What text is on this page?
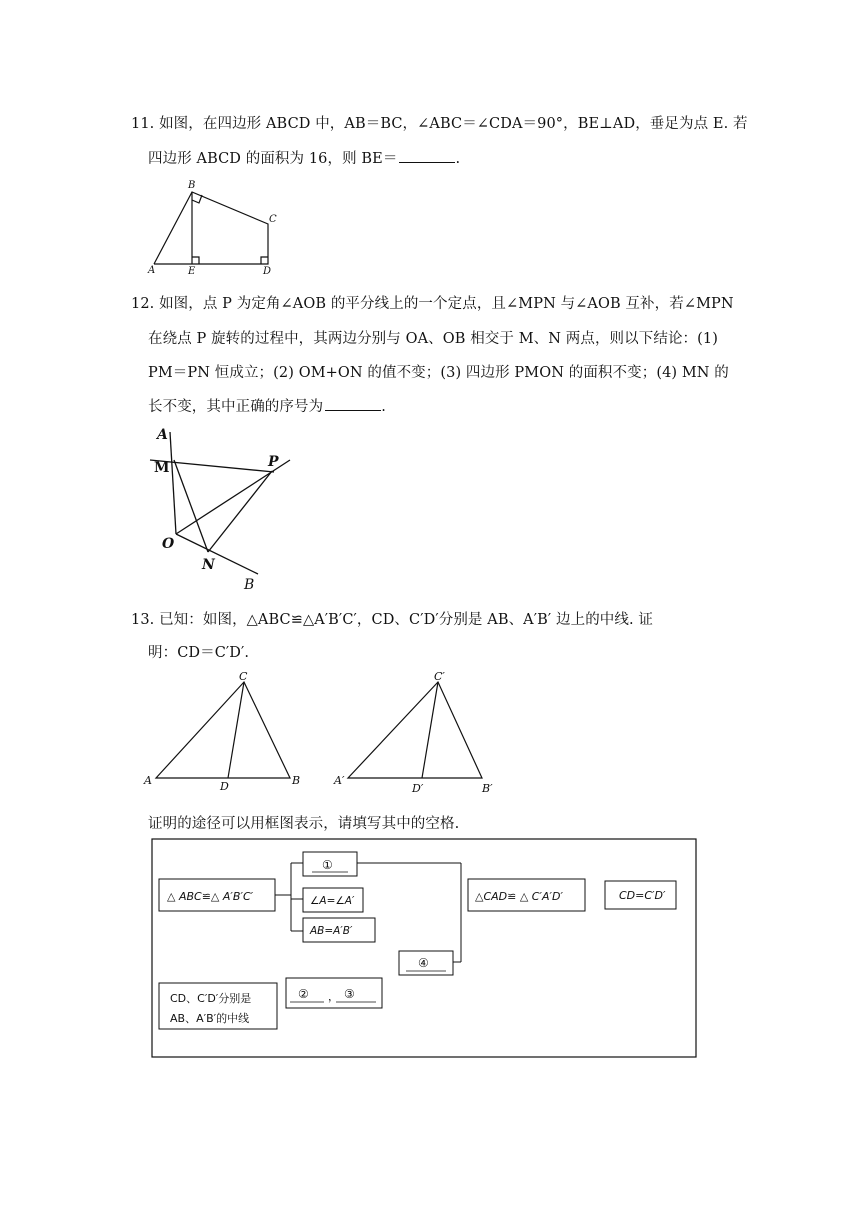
11. 如图，在四边形 ABCD 中，AB＝BC，∠ABC＝∠CDA＝90°，BE⊥AD，垂足为点 E. 若
四边形 ABCD 的面积为 16，则 BE＝	.
A
B
C
D
E
12. 如图，点 P 为定角∠AOB 的平分线上的一个定点，且∠MPN 与∠AOB 互补，若∠MPN
在绕点 P 旋转的过程中，其两边分别与 OA、OB 相交于 M、N 两点，则以下结论：(1)
PM＝PN 恒成立；(2) OM+ON 的值不变；(3) 四边形 PMON 的面积不变；(4) MN 的
长不变，其中正确的序号为	.
A
M	P
O
N
B
13. 已知：如图，△ABC≌△A′B′C′，CD、C′D′分别是 AB、A′B′ 边上的中线. 证
明：CD＝C′D′.
C
A	D	B
C′
A′
D′	B′
证明的途径可以用框图表示，请填写其中的空格.
△ ABC≌△ A′B′C′
①
∠A=∠A′
AB=A′B′
④
△CAD≌ △ C′A′D′	CD=C′D′
CD、C′D′分别是
AB、A′B′的中线
② ， ③
